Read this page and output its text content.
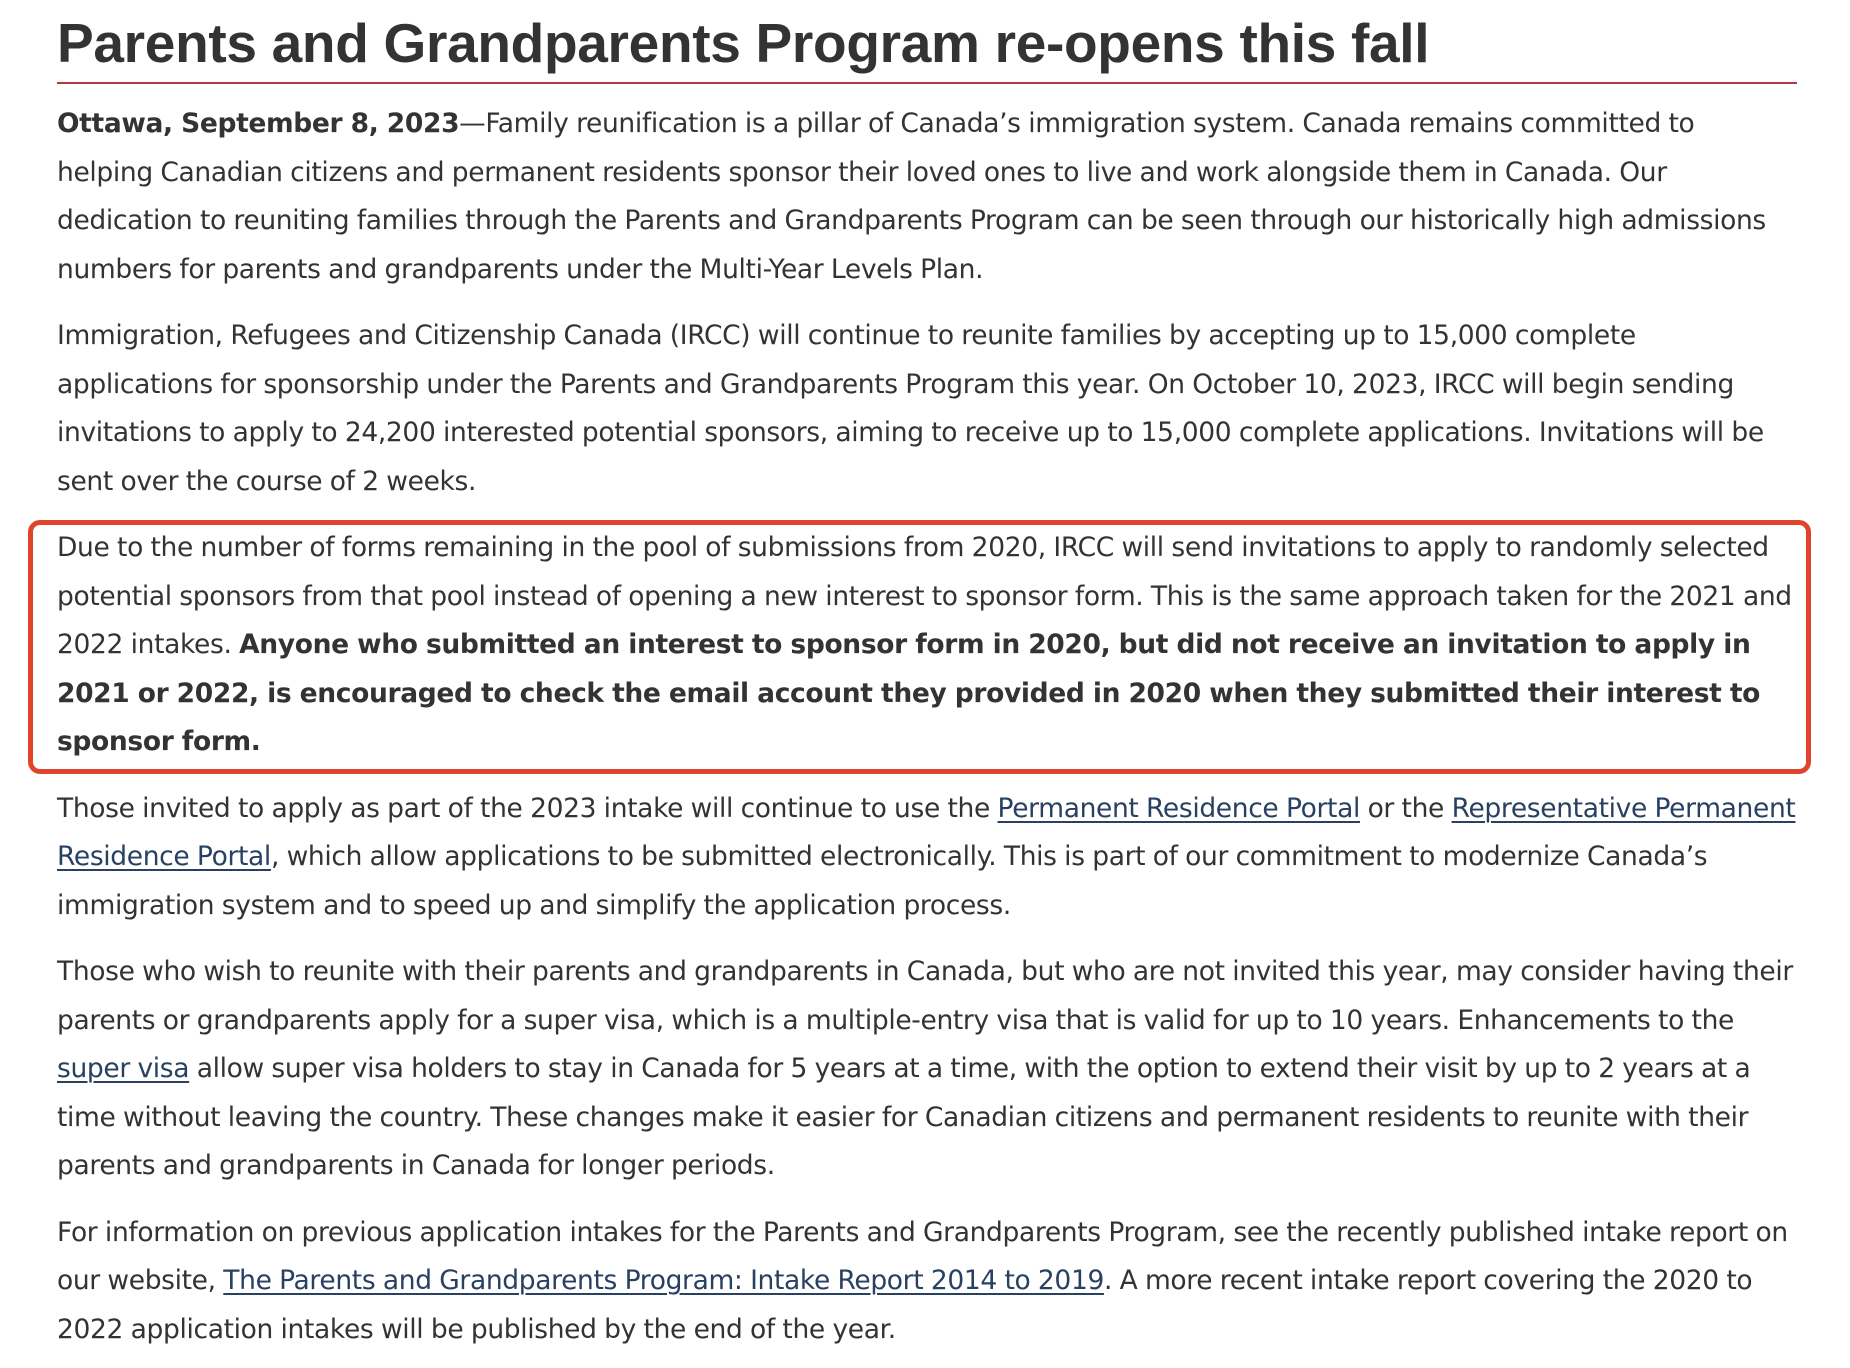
Parents and Grandparents Program re-opens this fall

Ottawa, September 8, 2023—Family reunification is a pillar of Canada’s immigration system. Canada remains committed to helping Canadian citizens and permanent residents sponsor their loved ones to live and work alongside them in Canada. Our dedication to reuniting families through the Parents and Grandparents Program can be seen through our historically high admissions numbers for parents and grandparents under the Multi-Year Levels Plan.

Immigration, Refugees and Citizenship Canada (IRCC) will continue to reunite families by accepting up to 15,000 complete applications for sponsorship under the Parents and Grandparents Program this year. On October 10, 2023, IRCC will begin sending invitations to apply to 24,200 interested potential sponsors, aiming to receive up to 15,000 complete applications. Invitations will be sent over the course of 2 weeks.

Due to the number of forms remaining in the pool of submissions from 2020, IRCC will send invitations to apply to randomly selected potential sponsors from that pool instead of opening a new interest to sponsor form. This is the same approach taken for the 2021 and 2022 intakes. Anyone who submitted an interest to sponsor form in 2020, but did not receive an invitation to apply in 2021 or 2022, is encouraged to check the email account they provided in 2020 when they submitted their interest to sponsor form.

Those invited to apply as part of the 2023 intake will continue to use the Permanent Residence Portal or the Representative Permanent Residence Portal, which allow applications to be submitted electronically. This is part of our commitment to modernize Canada’s immigration system and to speed up and simplify the application process.

Those who wish to reunite with their parents and grandparents in Canada, but who are not invited this year, may consider having their parents or grandparents apply for a super visa, which is a multiple-entry visa that is valid for up to 10 years. Enhancements to the super visa allow super visa holders to stay in Canada for 5 years at a time, with the option to extend their visit by up to 2 years at a time without leaving the country. These changes make it easier for Canadian citizens and permanent residents to reunite with their parents and grandparents in Canada for longer periods.

For information on previous application intakes for the Parents and Grandparents Program, see the recently published intake report on our website, The Parents and Grandparents Program: Intake Report 2014 to 2019. A more recent intake report covering the 2020 to 2022 application intakes will be published by the end of the year.
